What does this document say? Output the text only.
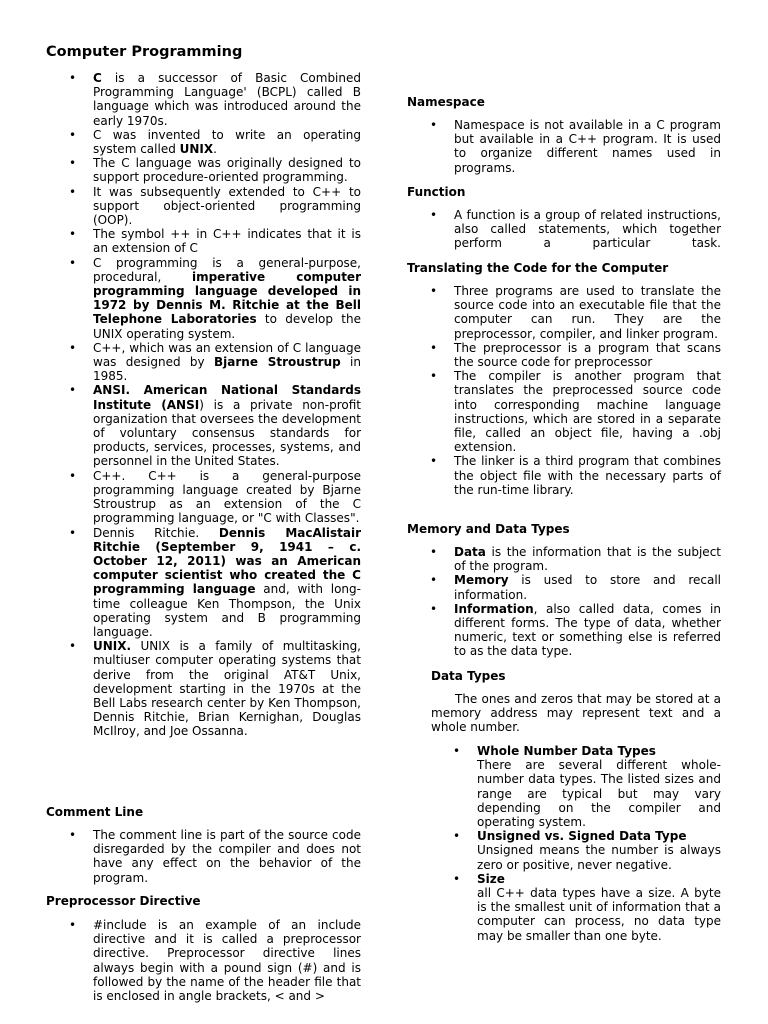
Computer Programming
• C is a successor of Basic Combined Programming Language' (BCPL) called B language which was introduced around the early 1970s.
• C was invented to write an operating system called UNIX.
• The C language was originally designed to support procedure-oriented programming.
• It was subsequently extended to C++ to support object-oriented programming (OOP).
• The symbol ++ in C++ indicates that it is an extension of C
• C programming is a general-purpose, procedural, imperative computer programming language developed in 1972 by Dennis M. Ritchie at the Bell Telephone Laboratories to develop the UNIX operating system.
• C++, which was an extension of C language was designed by Bjarne Stroustrup in 1985.
• ANSI. American National Standards Institute (ANSI) is a private non-profit organization that oversees the development of voluntary consensus standards for products, services, processes, systems, and personnel in the United States.
• C++. C++ is a general-purpose programming language created by Bjarne Stroustrup as an extension of the C programming language, or "C with Classes".
• Dennis Ritchie. Dennis MacAlistair Ritchie (September 9, 1941 – c. October 12, 2011) was an American computer scientist who created the C programming language and, with long-time colleague Ken Thompson, the Unix operating system and B programming language.
• UNIX. UNIX is a family of multitasking, multiuser computer operating systems that derive from the original AT&T Unix, development starting in the 1970s at the Bell Labs research center by Ken Thompson, Dennis Ritchie, Brian Kernighan, Douglas McIlroy, and Joe Ossanna.
Comment Line
• The comment line is part of the source code disregarded by the compiler and does not have any effect on the behavior of the program.
Preprocessor Directive
• #include is an example of an include directive and it is called a preprocessor directive. Preprocessor directive lines always begin with a pound sign (#) and is followed by the name of the header file that is enclosed in angle brackets, < and >
Namespace
• Namespace is not available in a C program but available in a C++ program. It is used to organize different names used in programs.
Function
• A function is a group of related instructions, also called statements, which together perform a particular task.
Translating the Code for the Computer
• Three programs are used to translate the source code into an executable file that the computer can run. They are the preprocessor, compiler, and linker program.
• The preprocessor is a program that scans the source code for preprocessor
• The compiler is another program that translates the preprocessed source code into corresponding machine language instructions, which are stored in a separate file, called an object file, having a .obj extension.
• The linker is a third program that combines the object file with the necessary parts of the run-time library.
Memory and Data Types
• Data is the information that is the subject of the program.
• Memory is used to store and recall information.
• Information, also called data, comes in different forms. The type of data, whether numeric, text or something else is referred to as the data type.
Data Types

The ones and zeros that may be stored at a memory address may represent text and a whole number.

• Whole Number Data Types
There are several different whole-number data types. The listed sizes and range are typical but may vary depending on the compiler and operating system.
• Unsigned vs. Signed Data Type
Unsigned means the number is always zero or positive, never negative.
• Size
all C++ data types have a size. A byte is the smallest unit of information that a computer can process, no data type may be smaller than one byte.
